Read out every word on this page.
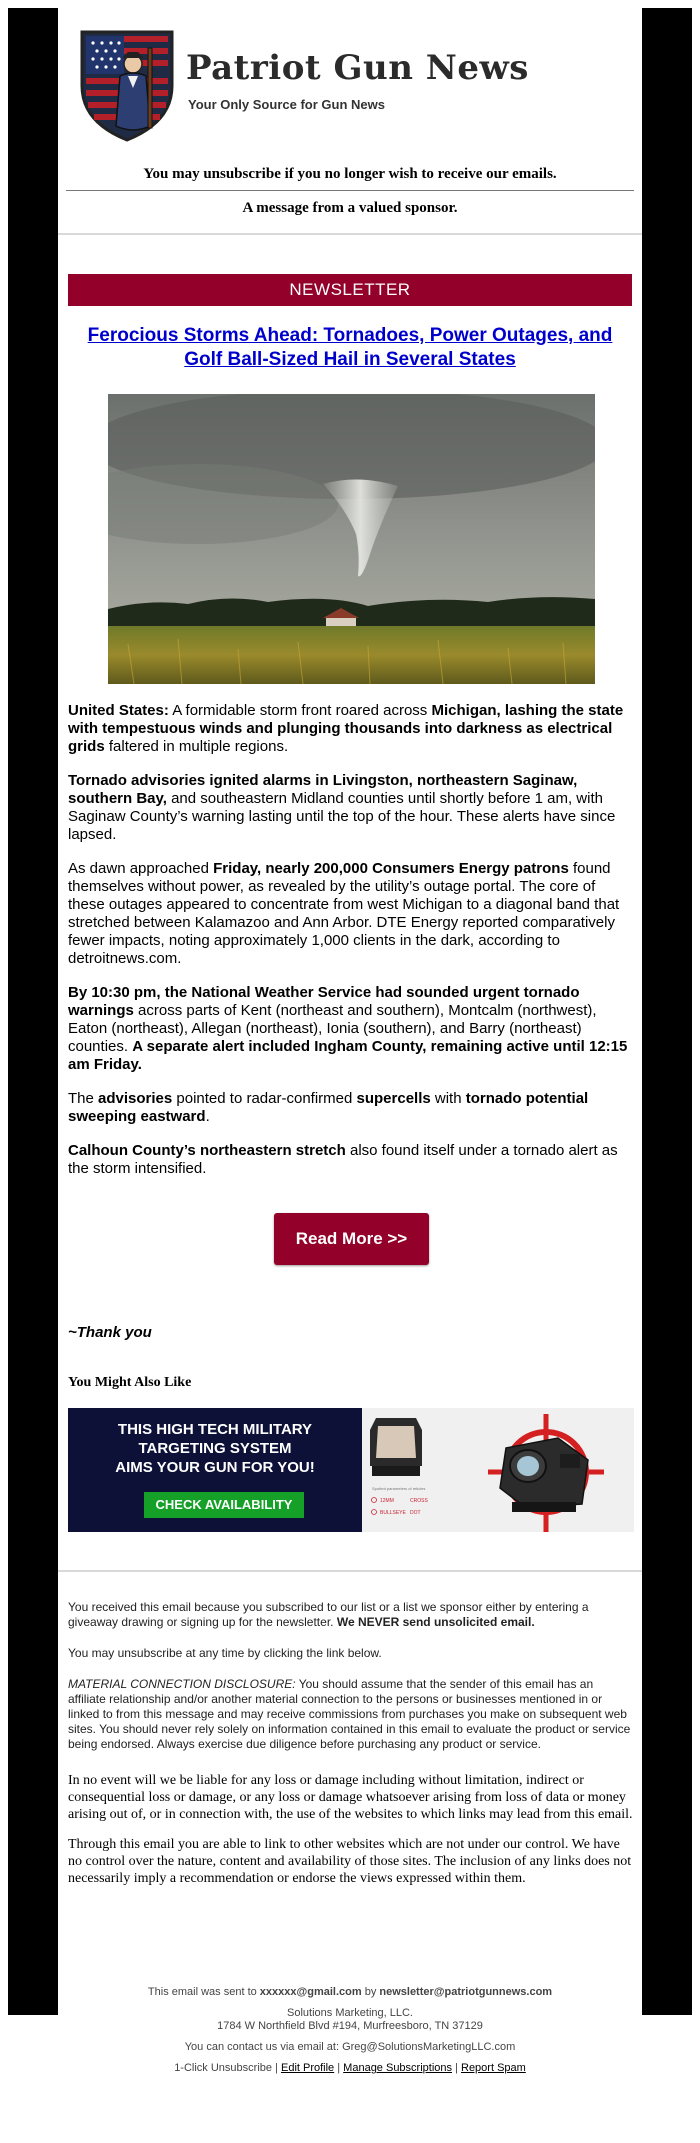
Patriot Gun News
Your Only Source for Gun News
You may unsubscribe if you no longer wish to receive our emails.
A message from a valued sponsor.
NEWSLETTER
Ferocious Storms Ahead: Tornadoes, Power Outages, and Golf Ball-Sized Hail in Several States

United States: A formidable storm front roared across Michigan, lashing the state with tempestuous winds and plunging thousands into darkness as electrical grids faltered in multiple regions.

Tornado advisories ignited alarms in Livingston, northeastern Saginaw, southern Bay, and southeastern Midland counties until shortly before 1 am, with Saginaw County’s warning lasting until the top of the hour. These alerts have since lapsed.

As dawn approached Friday, nearly 200,000 Consumers Energy patrons found themselves without power, as revealed by the utility’s outage portal. The core of these outages appeared to concentrate from west Michigan to a diagonal band that stretched between Kalamazoo and Ann Arbor. DTE Energy reported comparatively fewer impacts, noting approximately 1,000 clients in the dark, according to detroitnews.com.

By 10:30 pm, the National Weather Service had sounded urgent tornado warnings across parts of Kent (northeast and southern), Montcalm (northwest), Eaton (northeast), Allegan (northeast), Ionia (southern), and Barry (northeast) counties. A separate alert included Ingham County, remaining active until 12:15 am Friday.

The advisories pointed to radar-confirmed supercells with tornado potential sweeping eastward.

Calhoun County’s northeastern stretch also found itself under a tornado alert as the storm intensified.

Read More >>
~Thank you
You Might Also Like
THIS HIGH TECH MILITARY
TARGETING SYSTEM
AIMS YOUR GUN FOR YOU!
CHECK AVAILABILITY
Spotted parameters of reticles
12MM	CROSS
BULLSEYE DOT

You received this email because you subscribed to our list or a list we sponsor either by entering a giveaway drawing or signing up for the newsletter. We NEVER send unsolicited email.

You may unsubscribe at any time by clicking the link below.

MATERIAL CONNECTION DISCLOSURE: You should assume that the sender of this email has an affiliate relationship and/or another material connection to the persons or businesses mentioned in or linked to from this message and may receive commissions from purchases you make on subsequent web sites. You should never rely solely on information contained in this email to evaluate the product or service being endorsed. Always exercise due diligence before purchasing any product or service.

In no event will we be liable for any loss or damage including without limitation, indirect or consequential loss or damage, or any loss or damage whatsoever arising from loss of data or money arising out of, or in connection with, the use of the websites to which links may lead from this email.

Through this email you are able to link to other websites which are not under our control. We have no control over the nature, content and availability of those sites. The inclusion of any links does not necessarily imply a recommendation or endorse the views expressed within them.

This email was sent to xxxxxx@gmail.com by newsletter@patriotgunnews.com

Solutions Marketing, LLC.

1784 W Northfield Blvd #194, Murfreesboro, TN 37129

You can contact us via email at: Greg@SolutionsMarketingLLC.com

1-Click Unsubscribe | Edit Profile | Manage Subscriptions | Report Spam
